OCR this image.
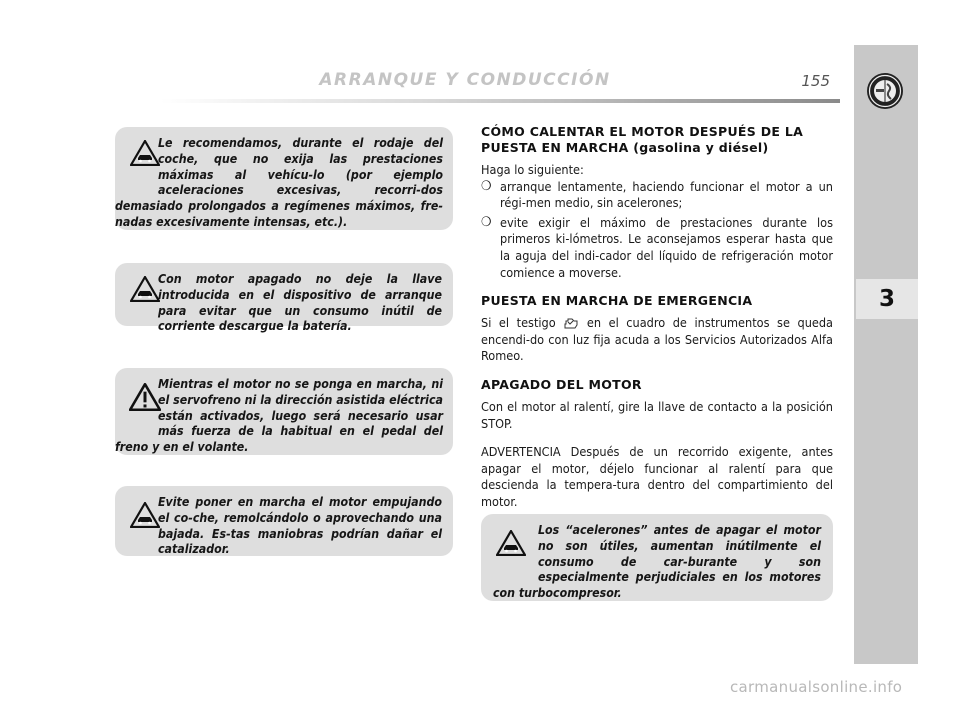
ARRANQUE Y CONDUCCIÓN	155
3

Le recomendamos, durante el rodaje del coche, que no exija las prestaciones máximas al vehícu-lo (por ejemplo aceleraciones excesivas, recorri-dos demasiado prolongados a regímenes máximos, fre-nadas excesivamente intensas, etc.).

Con motor apagado no deje la llave introducida en el dispositivo de arranque para evitar que un consumo inútil de corriente descargue la batería.

Mientras el motor no se ponga en marcha, ni el servofreno ni la dirección asistida eléctrica están activados, luego será necesario usar más fuerza de la habitual en el pedal del freno y en el volante.

Evite poner en marcha el motor empujando el co-che, remolcándolo o aprovechando una bajada. Es-tas maniobras podrían dañar el catalizador.

Los “acelerones” antes de apagar el motor no son útiles, aumentan inútilmente el consumo de car-burante y son especialmente perjudiciales en los motores con turbocompresor.

CÓMO CALENTAR EL MOTOR DESPUÉS DE LA PUESTA EN MARCHA (gasolina y diésel)

Haga lo siguiente:

❍ arranque lentamente, haciendo funcionar el motor a un régi-men medio, sin acelerones;
❍ evite exigir el máximo de prestaciones durante los primeros ki-lómetros. Le aconsejamos esperar hasta que la aguja del indi-cador del líquido de refrigeración motor comience a moverse.
PUESTA EN MARCHA DE EMERGENCIA

Si el testigo en el cuadro de instrumentos se queda encendi-do con luz fija acuda a los Servicios Autorizados Alfa Romeo.

APAGADO DEL MOTOR

Con el motor al ralentí, gire la llave de contacto a la posición STOP.

ADVERTENCIA Después de un recorrido exigente, antes apagar el motor, déjelo funcionar al ralentí para que descienda la tempera-tura dentro del compartimiento del motor.

carmanualsonline.info
